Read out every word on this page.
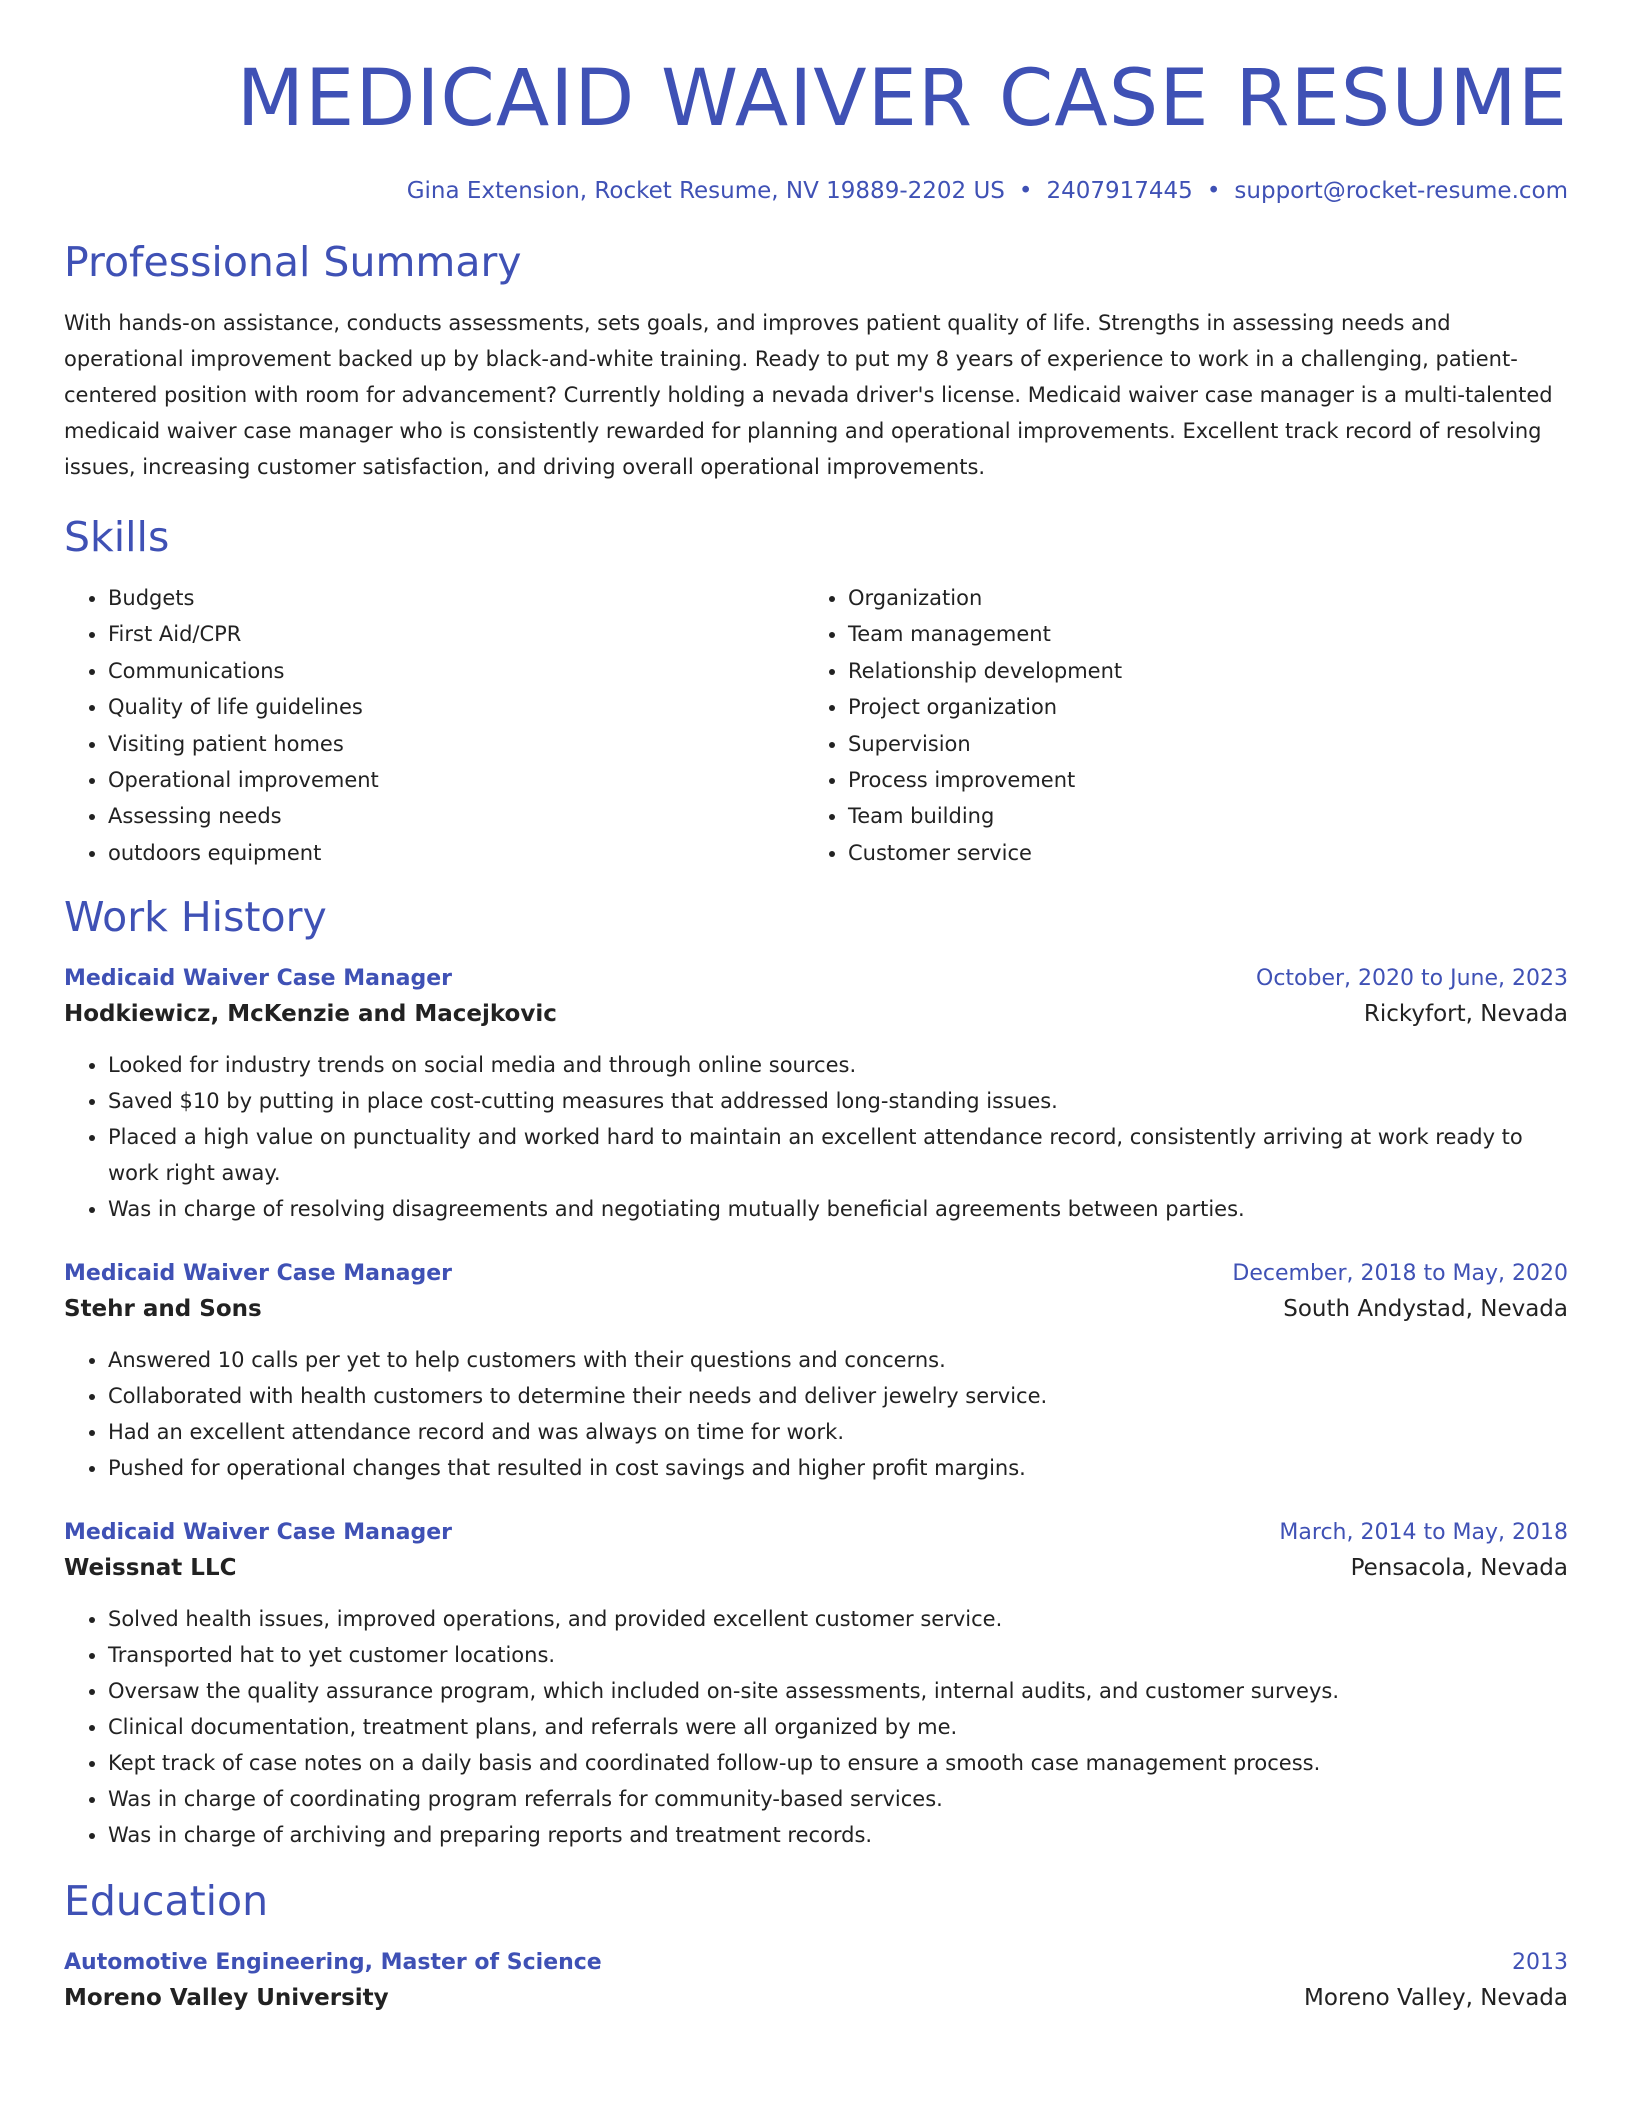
MEDICAID WAIVER CASE RESUME
Gina Extension, Rocket Resume, NV 19889-2202 US • 2407917445 • support@rocket-resume.com
Professional Summary
With hands-on assistance, conducts assessments, sets goals, and improves patient quality of life. Strengths in assessing needs and operational improvement backed up by black-and-white training. Ready to put my 8 years of experience to work in a challenging, patient-centered position with room for advancement? Currently holding a nevada driver's license. Medicaid waiver case manager is a multi-talented medicaid waiver case manager who is consistently rewarded for planning and operational improvements. Excellent track record of resolving issues, increasing customer satisfaction, and driving overall operational improvements.
Skills
• Budgets
• First Aid/CPR
• Communications
• Quality of life guidelines
• Visiting patient homes
• Operational improvement
• Assessing needs
• outdoors equipment
• Organization
• Team management
• Relationship development
• Project organization
• Supervision
• Process improvement
• Team building
• Customer service
Work History
Medicaid Waiver Case Manager	October, 2020 to June, 2023
Hodkiewicz, McKenzie and Macejkovic	Rickyfort, Nevada
• Looked for industry trends on social media and through online sources.
• Saved $10 by putting in place cost-cutting measures that addressed long-standing issues.
• Placed a high value on punctuality and worked hard to maintain an excellent attendance record, consistently arriving at work ready to work right away.
• Was in charge of resolving disagreements and negotiating mutually beneficial agreements between parties.
Medicaid Waiver Case Manager	December, 2018 to May, 2020
Stehr and Sons	South Andystad, Nevada
• Answered 10 calls per yet to help customers with their questions and concerns.
• Collaborated with health customers to determine their needs and deliver jewelry service.
• Had an excellent attendance record and was always on time for work.
• Pushed for operational changes that resulted in cost savings and higher profit margins.
Medicaid Waiver Case Manager	March, 2014 to May, 2018
Weissnat LLC	Pensacola, Nevada
• Solved health issues, improved operations, and provided excellent customer service.
• Transported hat to yet customer locations.
• Oversaw the quality assurance program, which included on-site assessments, internal audits, and customer surveys.
• Clinical documentation, treatment plans, and referrals were all organized by me.
• Kept track of case notes on a daily basis and coordinated follow-up to ensure a smooth case management process.
• Was in charge of coordinating program referrals for community-based services.
• Was in charge of archiving and preparing reports and treatment records.
Education
Automotive Engineering, Master of Science	2013
Moreno Valley University	Moreno Valley, Nevada
